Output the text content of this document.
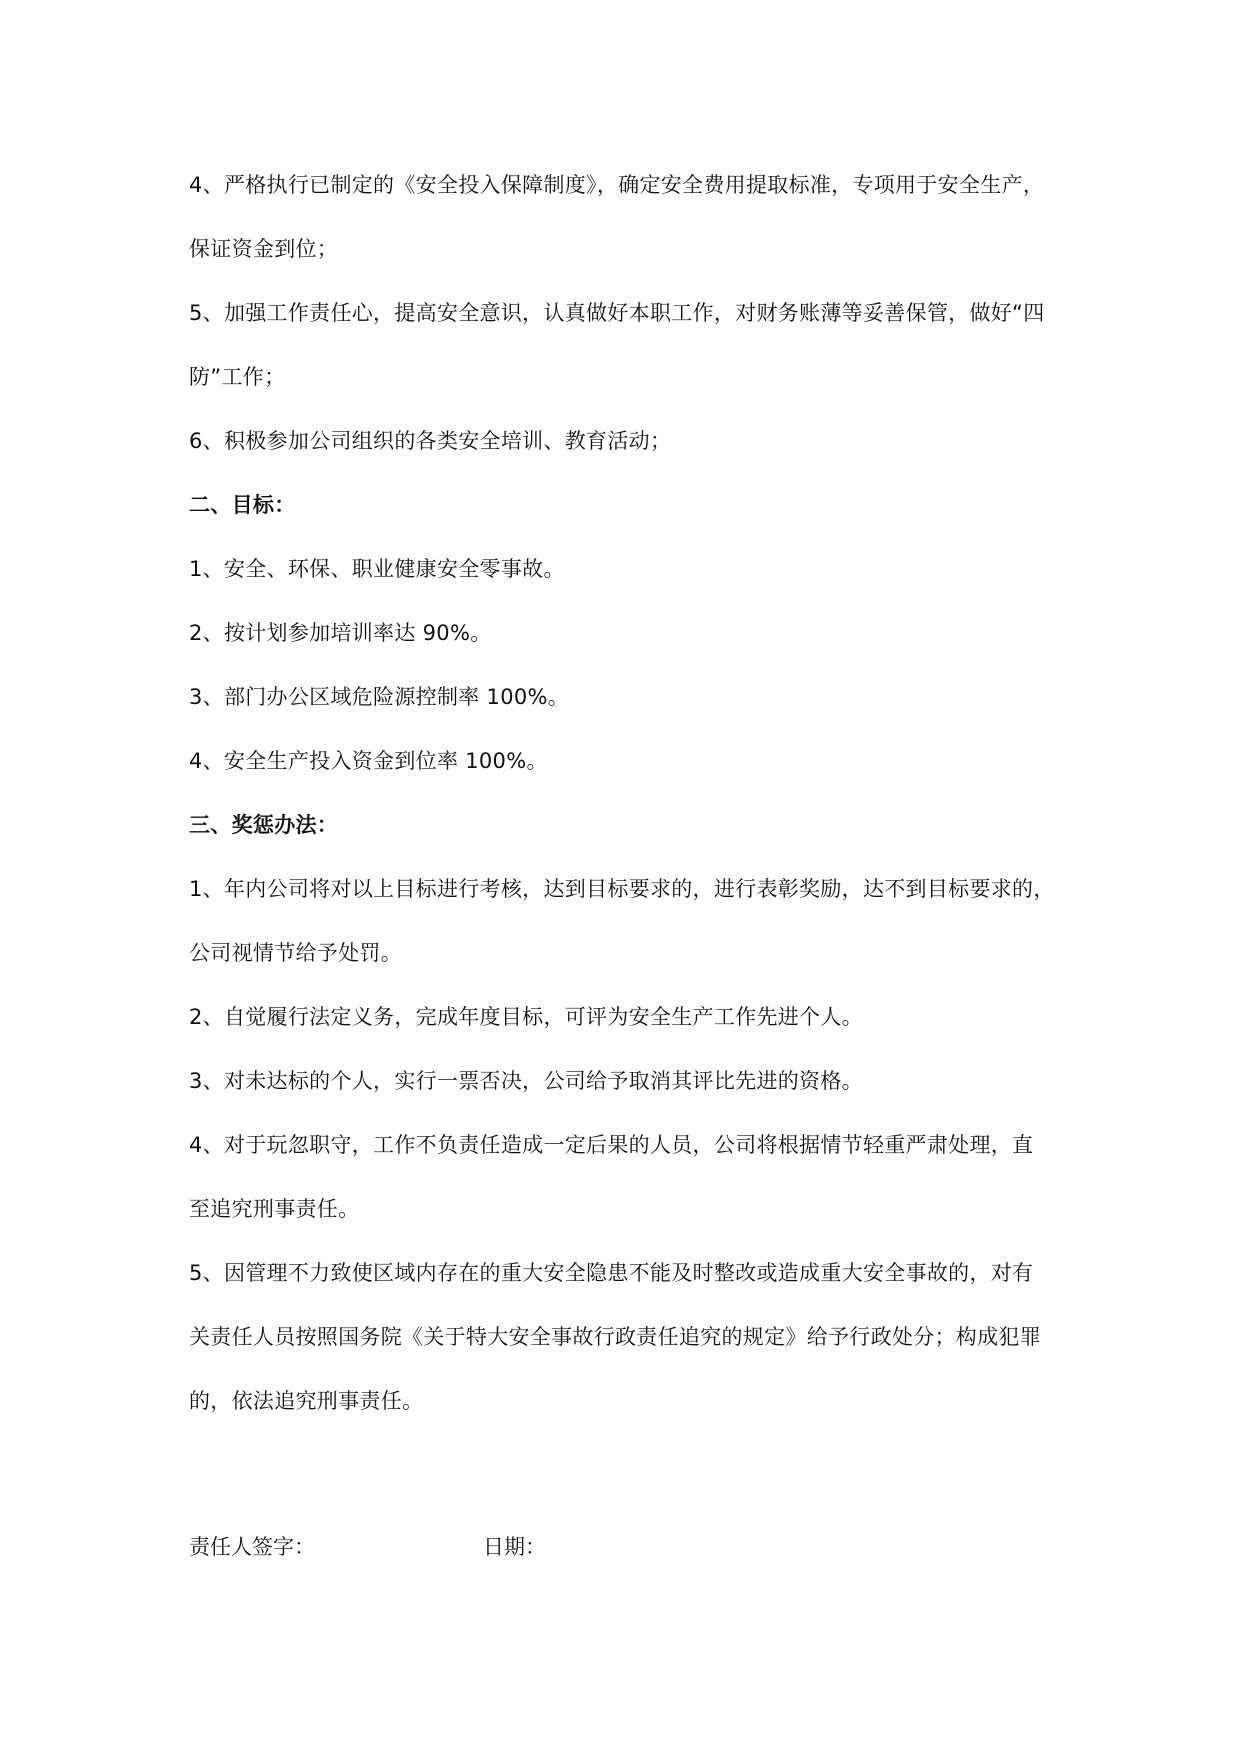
4、严格执行已制定的《安全投入保障制度》，确定安全费用提取标准，专项用于安全生产，
保证资金到位；
5、加强工作责任心，提高安全意识，认真做好本职工作，对财务账薄等妥善保管，做好“四
防”工作；
6、积极参加公司组织的各类安全培训、教育活动；
二、目标：
1、安全、环保、职业健康安全零事故。
2、按计划参加培训率达 90%。
3、部门办公区域危险源控制率 100%。
4、安全生产投入资金到位率 100%。
三、奖惩办法：
1、年内公司将对以上目标进行考核，达到目标要求的，进行表彰奖励，达不到目标要求的，
公司视情节给予处罚。
2、自觉履行法定义务，完成年度目标，可评为安全生产工作先进个人。
3、对未达标的个人，实行一票否决，公司给予取消其评比先进的资格。
4、对于玩忽职守，工作不负责任造成一定后果的人员，公司将根据情节轻重严肃处理，直
至追究刑事责任。
5、因管理不力致使区域内存在的重大安全隐患不能及时整改或造成重大安全事故的，对有
关责任人员按照国务院《关于特大安全事故行政责任追究的规定》给予行政处分；构成犯罪
的，依法追究刑事责任。
责任人签字：	日期：
